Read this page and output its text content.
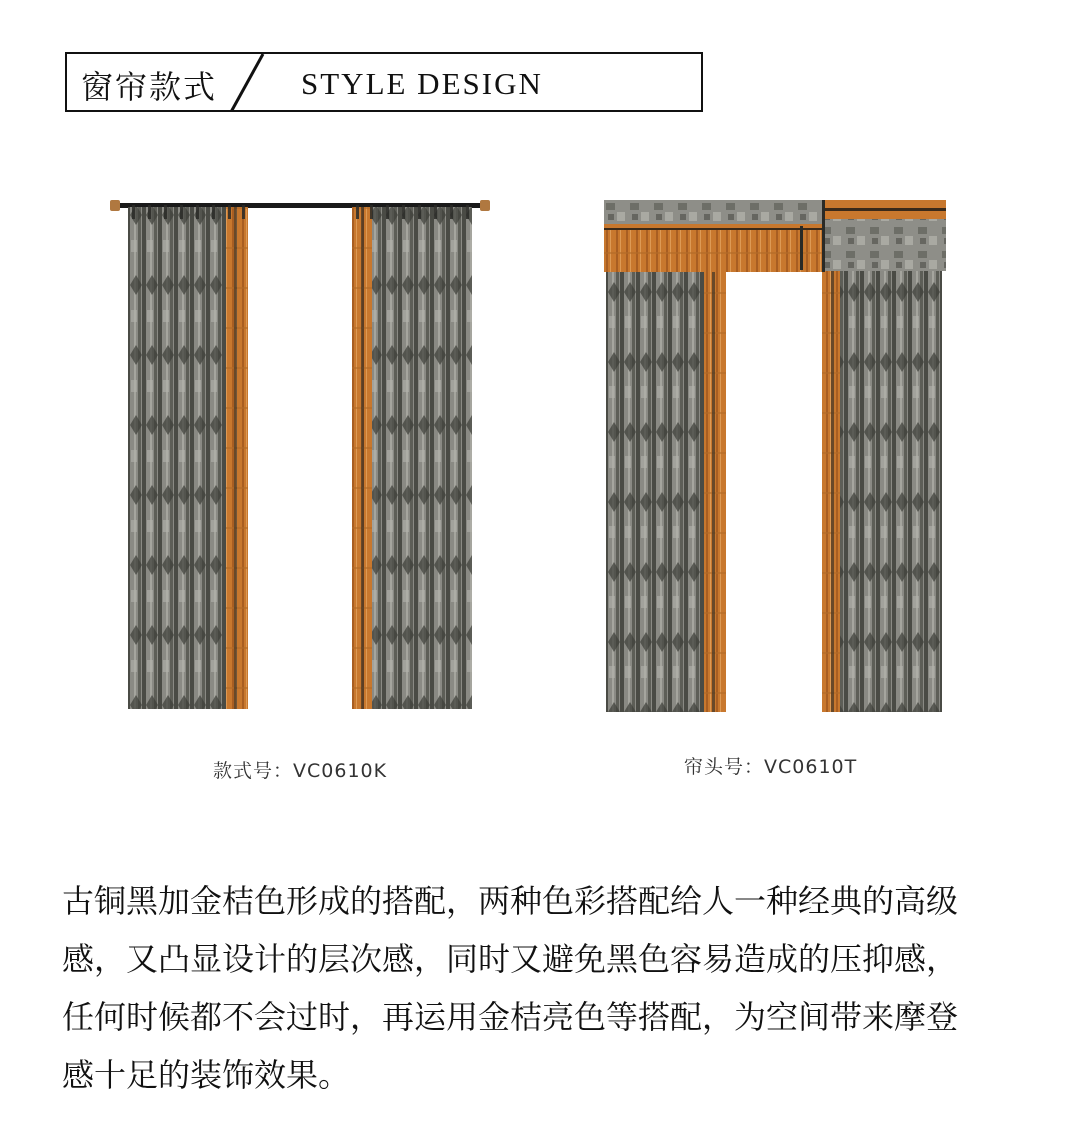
窗帘款式	STYLE DESIGN
款式号：VC0610K	帘头号：VC0610T
古铜黑加金桔色形成的搭配，两种色彩搭配给人一种经典的高级
感，又凸显设计的层次感，同时又避免黑色容易造成的压抑感，
任何时候都不会过时，再运用金桔亮色等搭配，为空间带来摩登
感十足的装饰效果。
